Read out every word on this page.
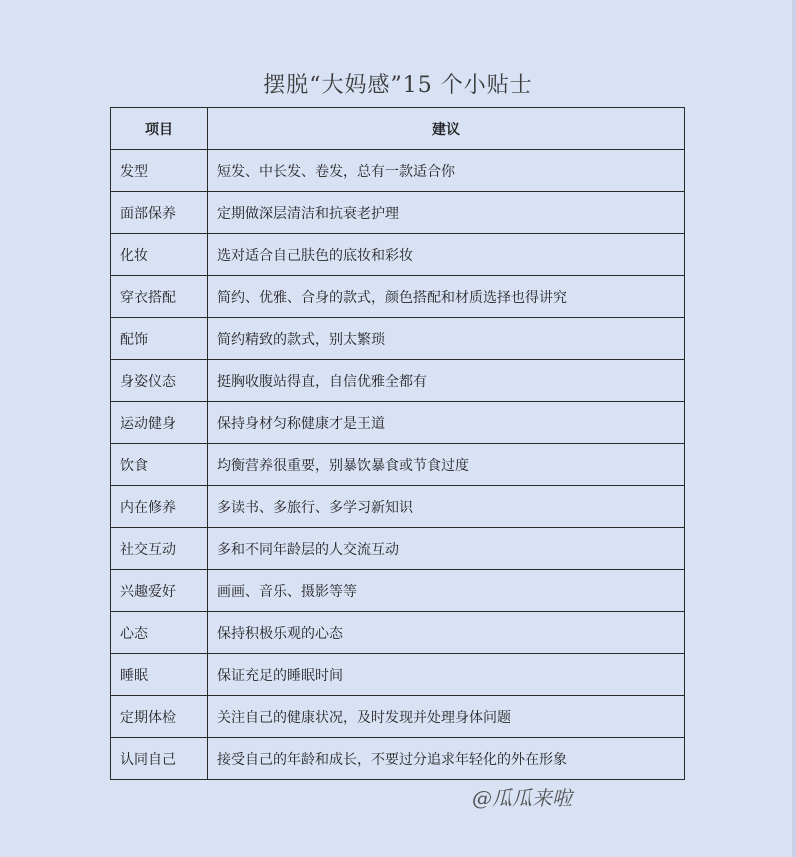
摆脱“大妈感”15 个小贴士
项目	建议
发型	短发、中长发、卷发，总有一款适合你
面部保养	定期做深层清洁和抗衰老护理
化妆	选对适合自己肤色的底妆和彩妆
穿衣搭配	简约、优雅、合身的款式，颜色搭配和材质选择也得讲究
配饰	简约精致的款式，别太繁琐
身姿仪态	挺胸收腹站得直，自信优雅全都有
运动健身	保持身材匀称健康才是王道
饮食	均衡营养很重要，别暴饮暴食或节食过度
内在修养	多读书、多旅行、多学习新知识
社交互动	多和不同年龄层的人交流互动
兴趣爱好	画画、音乐、摄影等等
心态	保持积极乐观的心态
睡眠	保证充足的睡眠时间
定期体检	关注自己的健康状况，及时发现并处理身体问题
认同自己	接受自己的年龄和成长，不要过分追求年轻化的外在形象
@瓜瓜来啦
